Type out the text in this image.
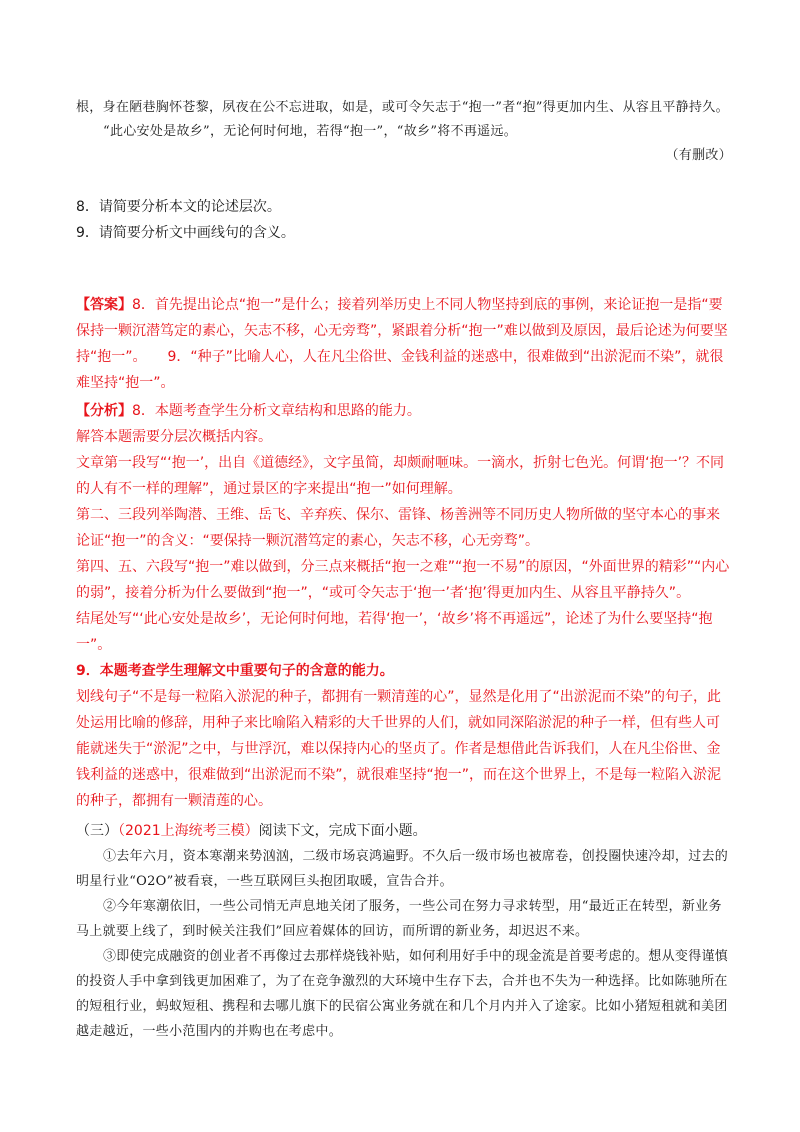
根，身在陋巷胸怀苍黎，夙夜在公不忘进取，如是，或可令矢志于“抱一”者“抱”得更加内生、从容且平静持久。

“此心安处是故乡”，无论何时何地，若得“抱一”，“故乡”将不再遥远。

（有删改）

8．请简要分析本文的论述层次。

9．请简要分析文中画线句的含义。

【答案】8．首先提出论点“抱一”是什么；接着列举历史上不同人物坚持到底的事例，来论证抱一是指“要保持一颗沉潜笃定的素心，矢志不移，心无旁骛”，紧跟着分析“抱一”难以做到及原因，最后论述为何要坚持“抱一”。　　9．“种子”比喻人心，人在凡尘俗世、金钱利益的迷惑中，很难做到“出淤泥而不染”，就很难坚持“抱一”。

【分析】8．本题考查学生分析文章结构和思路的能力。

解答本题需要分层次概括内容。

文章第一段写“‘抱一’，出自《道德经》，文字虽简，却颇耐咂味。一滴水，折射七色光。何谓‘抱一’？不同的人有不一样的理解”，通过景区的字来提出“抱一”如何理解。

第二、三段列举陶潜、王维、岳飞、辛弃疾、保尔、雷锋、杨善洲等不同历史人物所做的坚守本心的事来论证“抱一”的含义：“要保持一颗沉潜笃定的素心，矢志不移，心无旁骛”。

第四、五、六段写“抱一”难以做到，分三点来概括“抱一之难”“抱一不易”的原因，“外面世界的精彩”“内心的弱”，接着分析为什么要做到“抱一”，“或可令矢志于‘抱一’者‘抱’得更加内生、从容且平静持久”。

结尾处写“‘此心安处是故乡’，无论何时何地，若得‘抱一’，‘故乡’将不再遥远”，论述了为什么要坚持“抱一”。

9．本题考查学生理解文中重要句子的含意的能力。

划线句子“不是每一粒陷入淤泥的种子，都拥有一颗清莲的心”，显然是化用了“出淤泥而不染”的句子，此处运用比喻的修辞，用种子来比喻陷入精彩的大千世界的人们，就如同深陷淤泥的种子一样，但有些人可能就迷失于“淤泥”之中，与世浮沉，难以保持内心的坚贞了。作者是想借此告诉我们，人在凡尘俗世、金钱利益的迷惑中，很难做到“出淤泥而不染”，就很难坚持“抱一”，而在这个世界上，不是每一粒陷入淤泥的种子，都拥有一颗清莲的心。

（三）（2021上海统考三模）阅读下文，完成下面小题。

①去年六月，资本寒潮来势汹汹，二级市场哀鸿遍野。不久后一级市场也被席卷，创投圈快速冷却，过去的明星行业“O2O”被看衰，一些互联网巨头抱团取暖，宣告合并。

②今年寒潮依旧，一些公司悄无声息地关闭了服务，一些公司在努力寻求转型，用“最近正在转型，新业务马上就要上线了，到时候关注我们”回应着媒体的回访，而所谓的新业务，却迟迟不来。

③即使完成融资的创业者不再像过去那样烧钱补贴，如何利用好手中的现金流是首要考虑的。想从变得谨慎的投资人手中拿到钱更加困难了，为了在竞争激烈的大环境中生存下去，合并也不失为一种选择。比如陈驰所在的短租行业，蚂蚁短租、携程和去哪儿旗下的民宿公寓业务就在和几个月内并入了途家。比如小猪短租就和美团越走越近，一些小范围内的并购也在考虑中。
